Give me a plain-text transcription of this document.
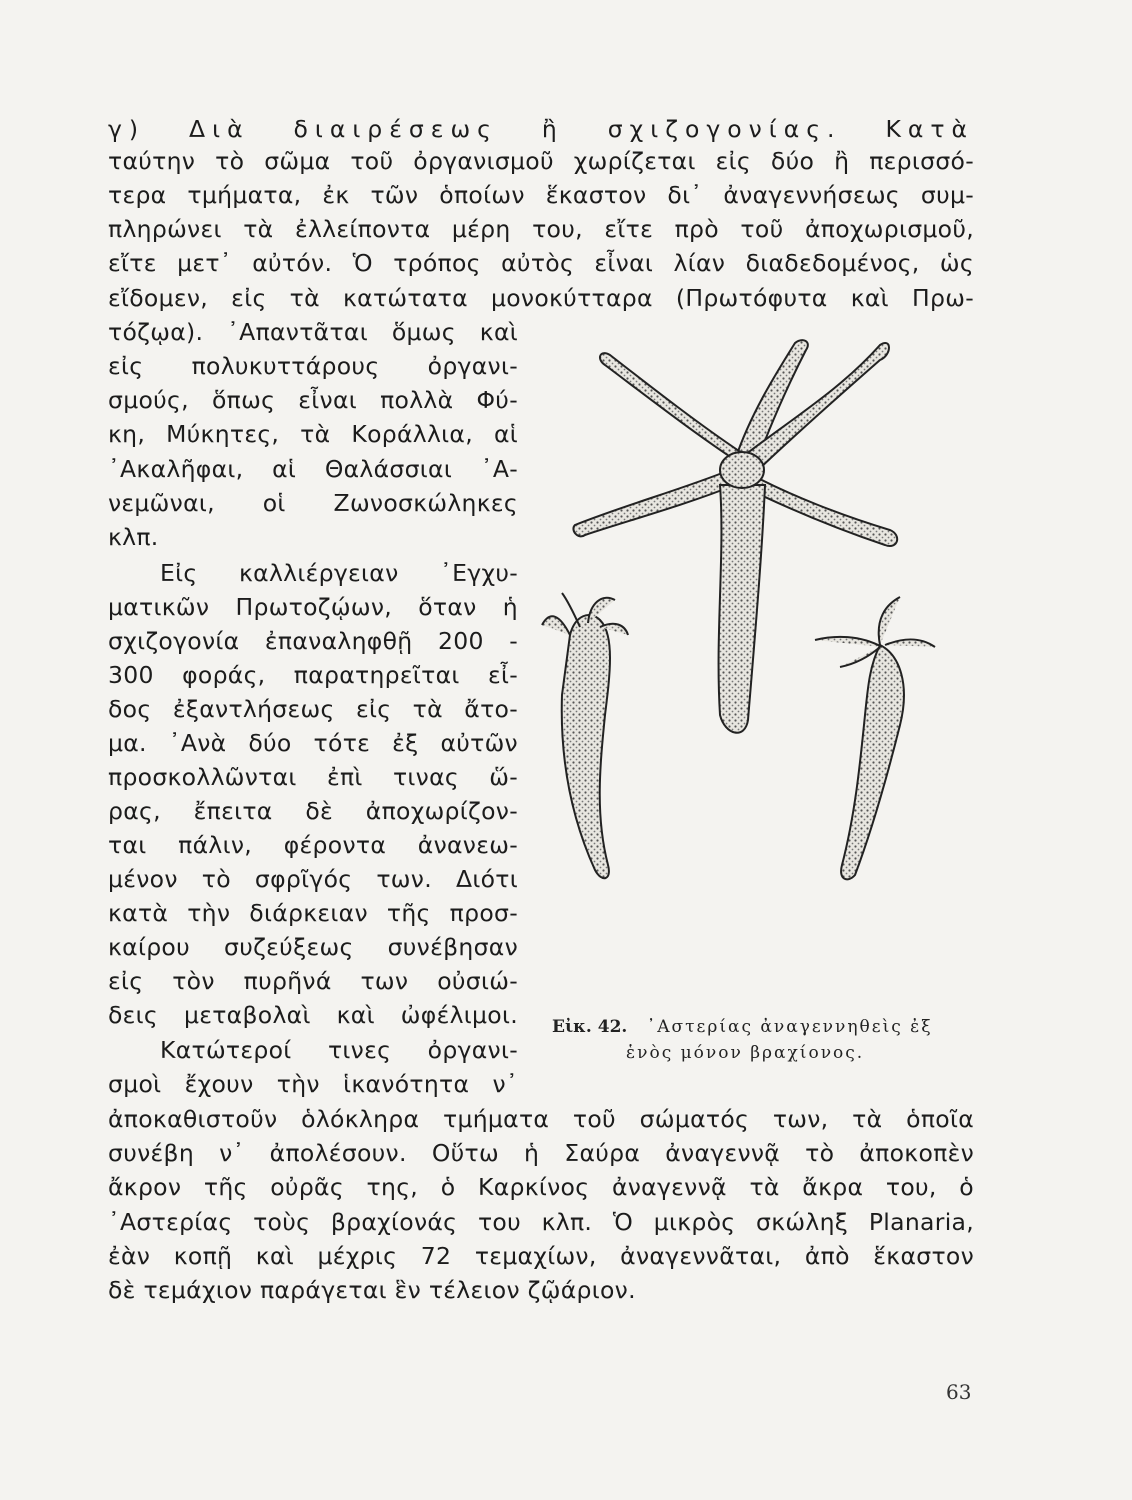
γ) Διὰ διαιρέσεως ἢ σχιζογονίας. Κατὰ
ταύτην τὸ σῶμα τοῦ ὀργανισμοῦ χωρίζεται εἰς δύο ἢ περισσό-
τερα τμήματα, ἐκ τῶν ὁποίων ἕκαστον δι᾽ ἀναγεννήσεως συμ-
πληρώνει τὰ ἐλλείποντα μέρη του, εἴτε πρὸ τοῦ ἀποχωρισμοῦ,
εἴτε μετ᾽ αὐτόν. Ὁ τρόπος αὐτὸς εἶναι λίαν διαδεδομένος, ὡς
εἴδομεν, εἰς τὰ κατώτατα μονοκύτταρα (Πρωτόφυτα καὶ Πρω-
τόζῳα). ᾿Απαντᾶται ὅμως καὶ
εἰς πολυκυττάρους ὀργανι-
σμούς, ὅπως εἶναι πολλὰ Φύ-
κη, Μύκητες, τὰ Κοράλλια, αἱ
᾿Ακαλῆφαι, αἱ Θαλάσσιαι ᾿Α-
νεμῶναι, οἱ Ζωνοσκώληκες
κλπ.
Εἰς καλλιέργειαν ᾿Εγχυ-
ματικῶν Πρωτοζῴων, ὅταν ἡ
σχιζογονία ἐπαναληφθῇ 200 -
300 φοράς, παρατηρεῖται εἶ-
δος ἐξαντλήσεως εἰς τὰ ἄτο-
μα. ᾿Ανὰ δύο τότε ἐξ αὐτῶν
προσκολλῶνται ἐπὶ τινας ὥ-
ρας, ἔπειτα δὲ ἀποχωρίζον-
ται πάλιν, φέροντα ἀνανεω-
μένον τὸ σφρῖγός των. Διότι
κατὰ τὴν διάρκειαν τῆς προσ-
καίρου συζεύξεως συνέβησαν
εἰς τὸν πυρῆνά των οὐσιώ-
δεις μεταβολαὶ καὶ ὠφέλιμοι.
Κατώτεροί τινες ὀργανι-
σμοὶ ἔχουν τὴν ἱκανότητα ν᾽
ἀποκαθιστοῦν ὁλόκληρα τμήματα τοῦ σώματός των, τὰ ὁποῖα
συνέβη ν᾽ ἀπολέσουν. Οὕτω ἡ Σαύρα ἀναγεννᾷ τὸ ἀποκοπὲν
ἄκρον τῆς οὐρᾶς της, ὁ Καρκίνος ἀναγεννᾷ τὰ ἄκρα του, ὁ
᾿Αστερίας τοὺς βραχίονάς του κλπ. Ὁ μικρὸς σκώληξ Planaria,
ἐὰν κοπῇ καὶ μέχρις 72 τεμαχίων, ἀναγεννᾶται, ἀπὸ ἕκαστον
δὲ τεμάχιον παράγεται ἓν τέλειον ζῷάριον.
Εἰκ. 42. ᾿Αστερίας ἀναγεννηθεὶς ἐξ
ἑνὸς μόνον βραχίονος.
63
